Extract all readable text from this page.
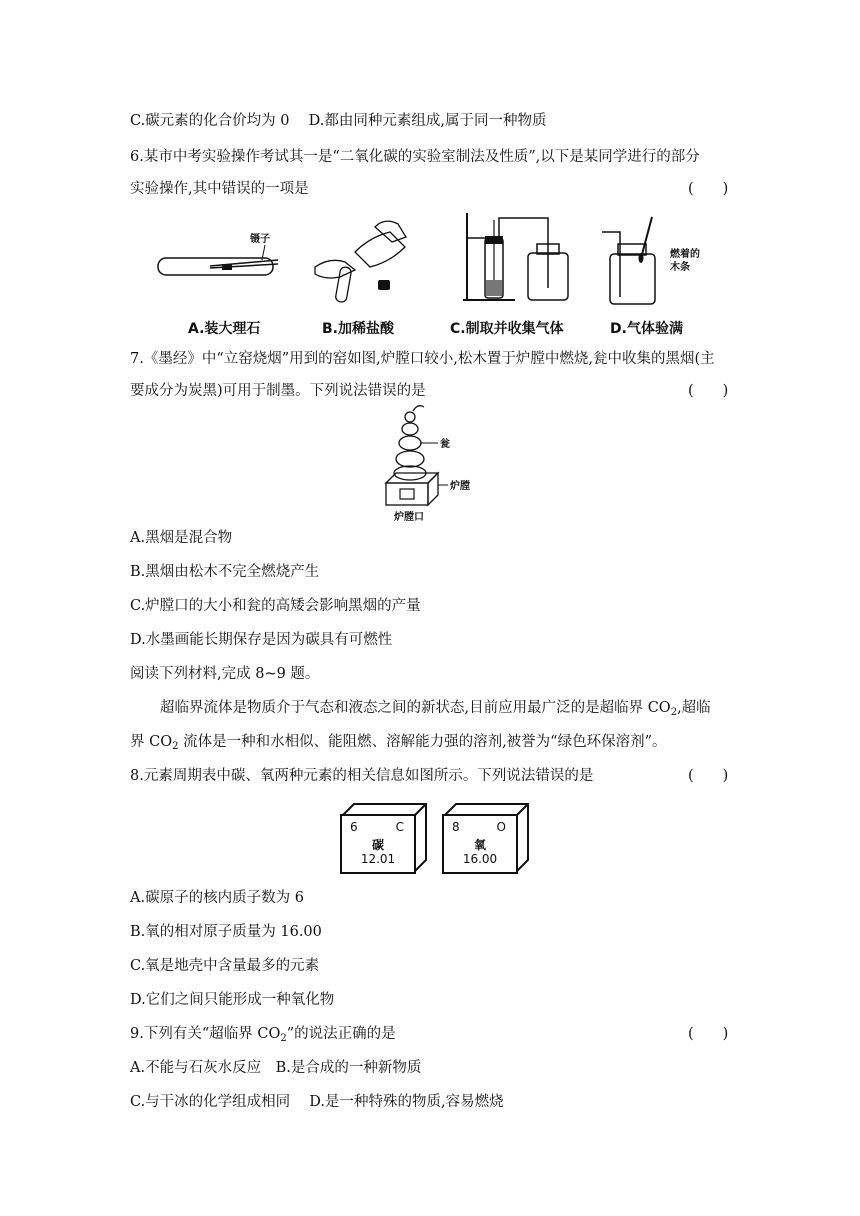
C.碳元素的化合价均为 0　 D.都由同种元素组成,属于同一种物质
6.某市中考实验操作考试其一是“二氧化碳的实验室制法及性质”,以下是某同学进行的部分
实验操作,其中错误的一项是	(　　)
镊子
燃着的
木条
A.装大理石	B.加稀盐酸	C.制取并收集气体	D.气体验满
7.《墨经》中“立窑烧烟”用到的窑如图,炉膛口较小,松木置于炉膛中燃烧,瓮中收集的黑烟(主
要成分为炭黑)可用于制墨。下列说法错误的是	(　　)
瓮
炉膛
炉膛口
A.黑烟是混合物
B.黑烟由松木不完全燃烧产生
C.炉膛口的大小和瓮的高矮会影响黑烟的产量
D.水墨画能长期保存是因为碳具有可燃性
阅读下列材料,完成 8~9 题。
超临界流体是物质介于气态和液态之间的新状态,目前应用最广泛的是超临界 $CO_2$,超临
界 $CO_2$ 流体是一种和水相似、能阻燃、溶解能力强的溶剂,被誉为“绿色环保溶剂”。
8.元素周期表中碳、氧两种元素的相关信息如图所示。下列说法错误的是	(　　)
6	C
碳
12.01
8	O
氧
16.00
A.碳原子的核内质子数为 6
B.氧的相对原子质量为 16.00
C.氧是地壳中含量最多的元素
D.它们之间只能形成一种氧化物
9.下列有关“超临界 $CO_2$”的说法正确的是	(　　)
A.不能与石灰水反应　B.是合成的一种新物质
C.与干冰的化学组成相同　 D.是一种特殊的物质,容易燃烧
